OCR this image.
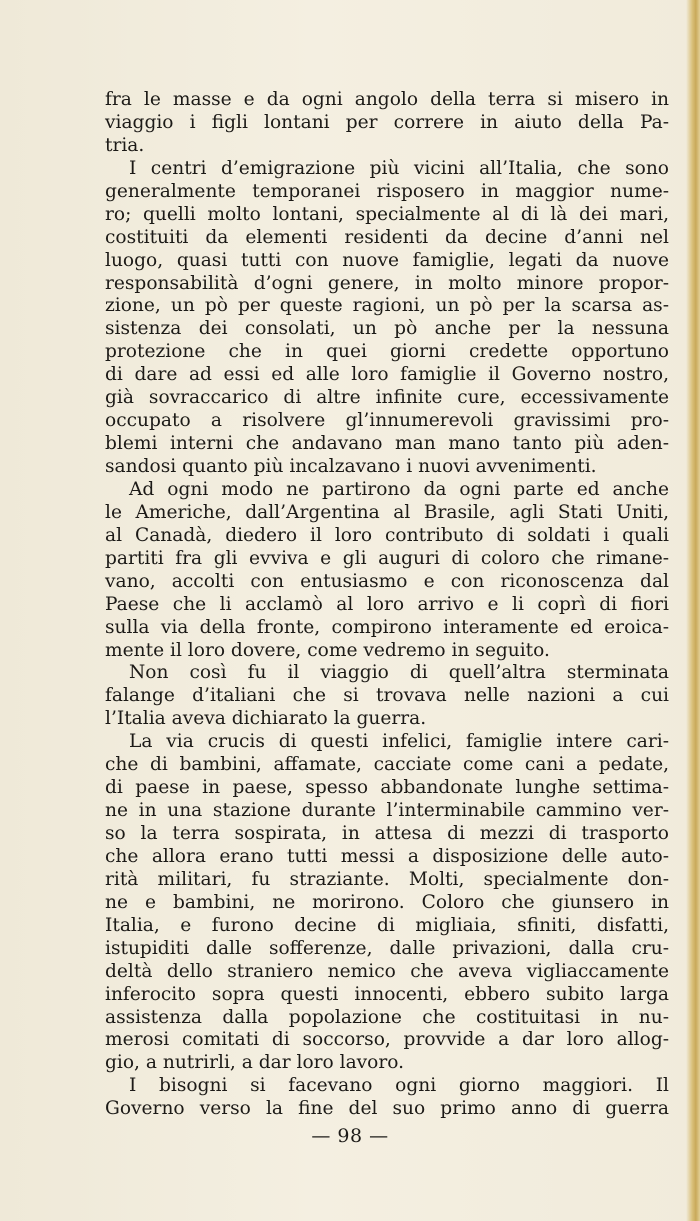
fra le masse e da ogni angolo della terra si misero in
viaggio i figli lontani per correre in aiuto della Pa-
tria.
I centri d’emigrazione più vicini all’Italia, che sono
generalmente temporanei risposero in maggior nume-
ro; quelli molto lontani, specialmente al di là dei mari,
costituiti da elementi residenti da decine d’anni nel
luogo, quasi tutti con nuove famiglie, legati da nuove
responsabilità d’ogni genere, in molto minore propor-
zione, un pò per queste ragioni, un pò per la scarsa as-
sistenza dei consolati, un pò anche per la nessuna
protezione che in quei giorni credette opportuno
di dare ad essi ed alle loro famiglie il Governo nostro,
già sovraccarico di altre infinite cure, eccessivamente
occupato a risolvere gl’innumerevoli gravissimi pro-
blemi interni che andavano man mano tanto più aden-
sandosi quanto più incalzavano i nuovi avvenimenti.
Ad ogni modo ne partirono da ogni parte ed anche
le Americhe, dall’Argentina al Brasile, agli Stati Uniti,
al Canadà, diedero il loro contributo di soldati i quali
partiti fra gli evviva e gli auguri di coloro che rimane-
vano, accolti con entusiasmo e con riconoscenza dal
Paese che li acclamò al loro arrivo e li coprì di fiori
sulla via della fronte, compirono interamente ed eroica-
mente il loro dovere, come vedremo in seguito.
Non così fu il viaggio di quell’altra sterminata
falange d’italiani che si trovava nelle nazioni a cui
l’Italia aveva dichiarato la guerra.
La via crucis di questi infelici, famiglie intere cari-
che di bambini, affamate, cacciate come cani a pedate,
di paese in paese, spesso abbandonate lunghe settima-
ne in una stazione durante l’interminabile cammino ver-
so la terra sospirata, in attesa di mezzi di trasporto
che allora erano tutti messi a disposizione delle auto-
rità militari, fu straziante. Molti, specialmente don-
ne e bambini, ne morirono. Coloro che giunsero in
Italia, e furono decine di migliaia, sfiniti, disfatti,
istupiditi dalle sofferenze, dalle privazioni, dalla cru-
deltà dello straniero nemico che aveva vigliaccamente
inferocito sopra questi innocenti, ebbero subito larga
assistenza dalla popolazione che costituitasi in nu-
merosi comitati di soccorso, provvide a dar loro allog-
gio, a nutrirli, a dar loro lavoro.
I bisogni si facevano ogni giorno maggiori. Il
Governo verso la fine del suo primo anno di guerra
— 98 —
